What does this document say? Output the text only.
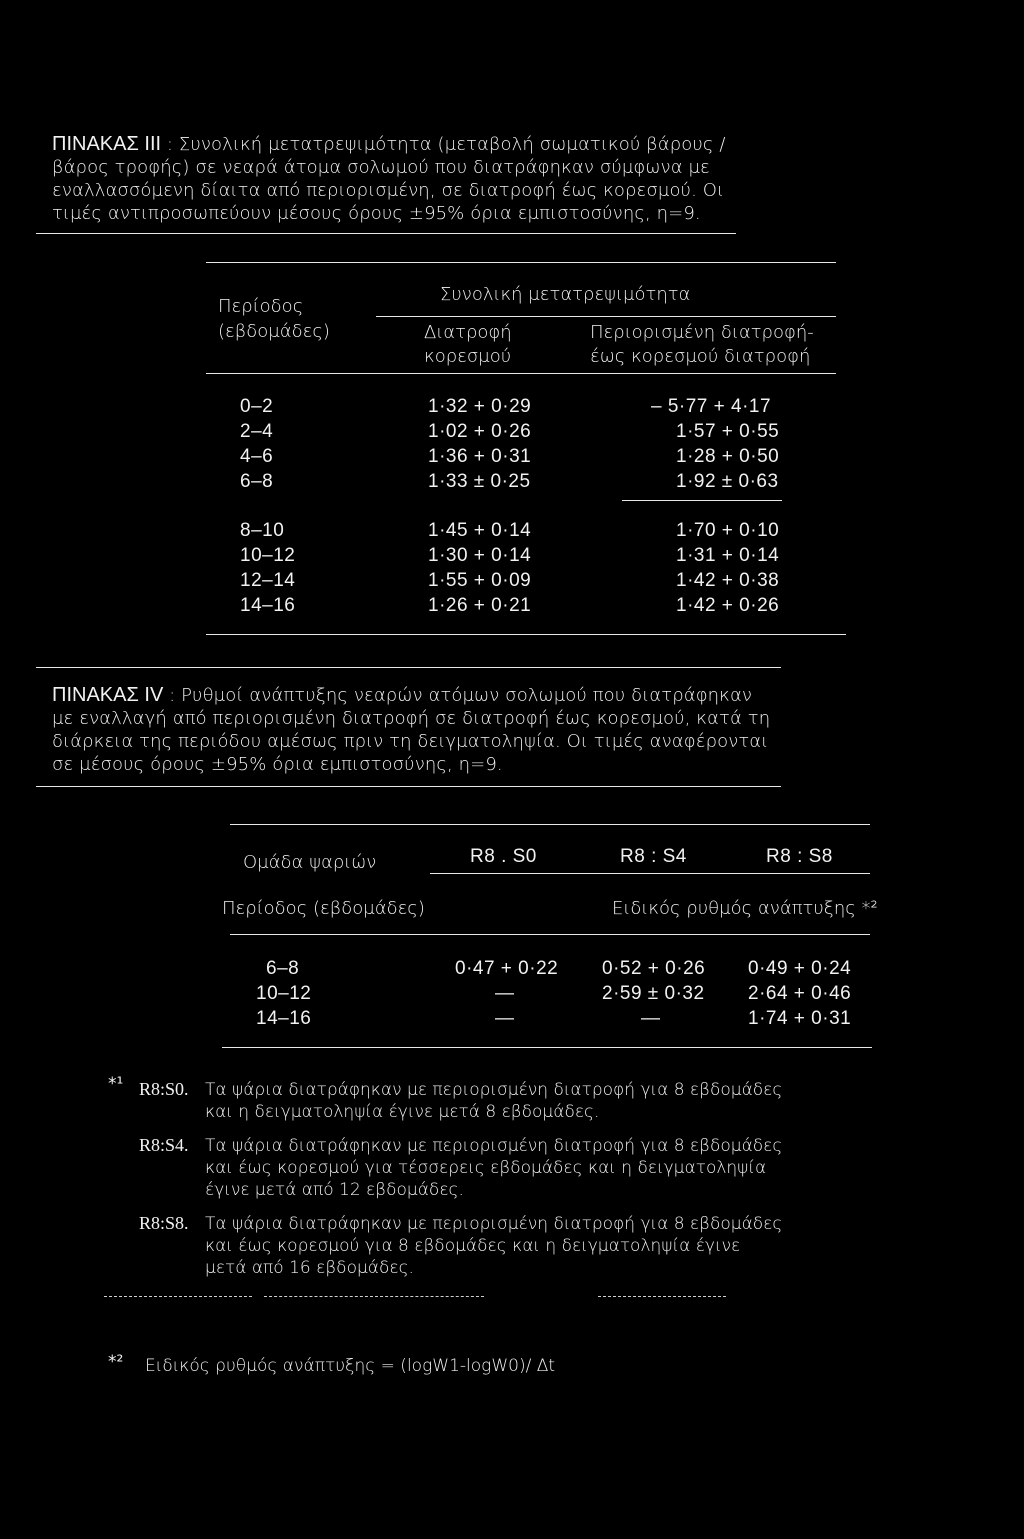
ΠΙΝΑΚΑΣ III : Συνολική μετατρεψιμότητα (μεταβολή σωματικού βάρους /
βάρος τροφής) σε νεαρά άτομα σολωμού που διατράφηκαν σύμφωνα με
εναλλασσόμενη δίαιτα από περιορισμένη, σε διατροφή έως κορεσμού. Οι
τιμές αντιπροσωπεύουν μέσους όρους ±95% όρια εμπιστοσύνης, η=9.
Περίοδος
(εβδομάδες)
Συνολική μετατρεψιμότητα
Διατροφή
κορεσμού
Περιορισμένη διατροφή-
έως κορεσμού διατροφή
0–2	1·32 + 0·29	– 5·77 + 4·17
2–4	1·02 + 0·26	1·57 + 0·55
4–6	1·36 + 0·31	1·28 + 0·50
6–8	1·33 ± 0·25	1·92 ± 0·63
8–10	1·45 + 0·14	1·70 + 0·10
10–12	1·30 + 0·14	1·31 + 0·14
12–14	1·55 + 0·09	1·42 + 0·38
14–16	1·26 + 0·21	1·42 + 0·26
ΠΙΝΑΚΑΣ IV : Ρυθμοί ανάπτυξης νεαρών ατόμων σολωμού που διατράφηκαν
με εναλλαγή από περιορισμένη διατροφή σε διατροφή έως κορεσμού, κατά τη
διάρκεια της περιόδου αμέσως πριν τη δειγματοληψία. Οι τιμές αναφέρονται
σε μέσους όρους ±95% όρια εμπιστοσύνης, η=9.
Ομάδα ψαριών	R8 . S0	R8 : S4	R8 : S8
Περίοδος (εβδομάδες)	Ειδικός ρυθμός ανάπτυξης *²
6–8	0·47 + 0·22 0·52 + 0·26 0·49 + 0·24
10–12	—	2·59 ± 0·32 2·64 + 0·46
14–16	—	—	1·74 + 0·31
*¹ R8:S0. Τα ψάρια διατράφηκαν με περιορισμένη διατροφή για 8 εβδομάδες
και η δειγματοληψία έγινε μετά 8 εβδομάδες.
R8:S4. Τα ψάρια διατράφηκαν με περιορισμένη διατροφή για 8 εβδομάδες
και έως κορεσμού για τέσσερεις εβδομάδες και η δειγματοληψία
έγινε μετά από 12 εβδομάδες.
R8:S8. Τα ψάρια διατράφηκαν με περιορισμένη διατροφή για 8 εβδομάδες
και έως κορεσμού για 8 εβδομάδες και η δειγματοληψία έγινε
μετά από 16 εβδομάδες.
*² Ειδικός ρυθμός ανάπτυξης = (logW1-logW0)/ Δt
